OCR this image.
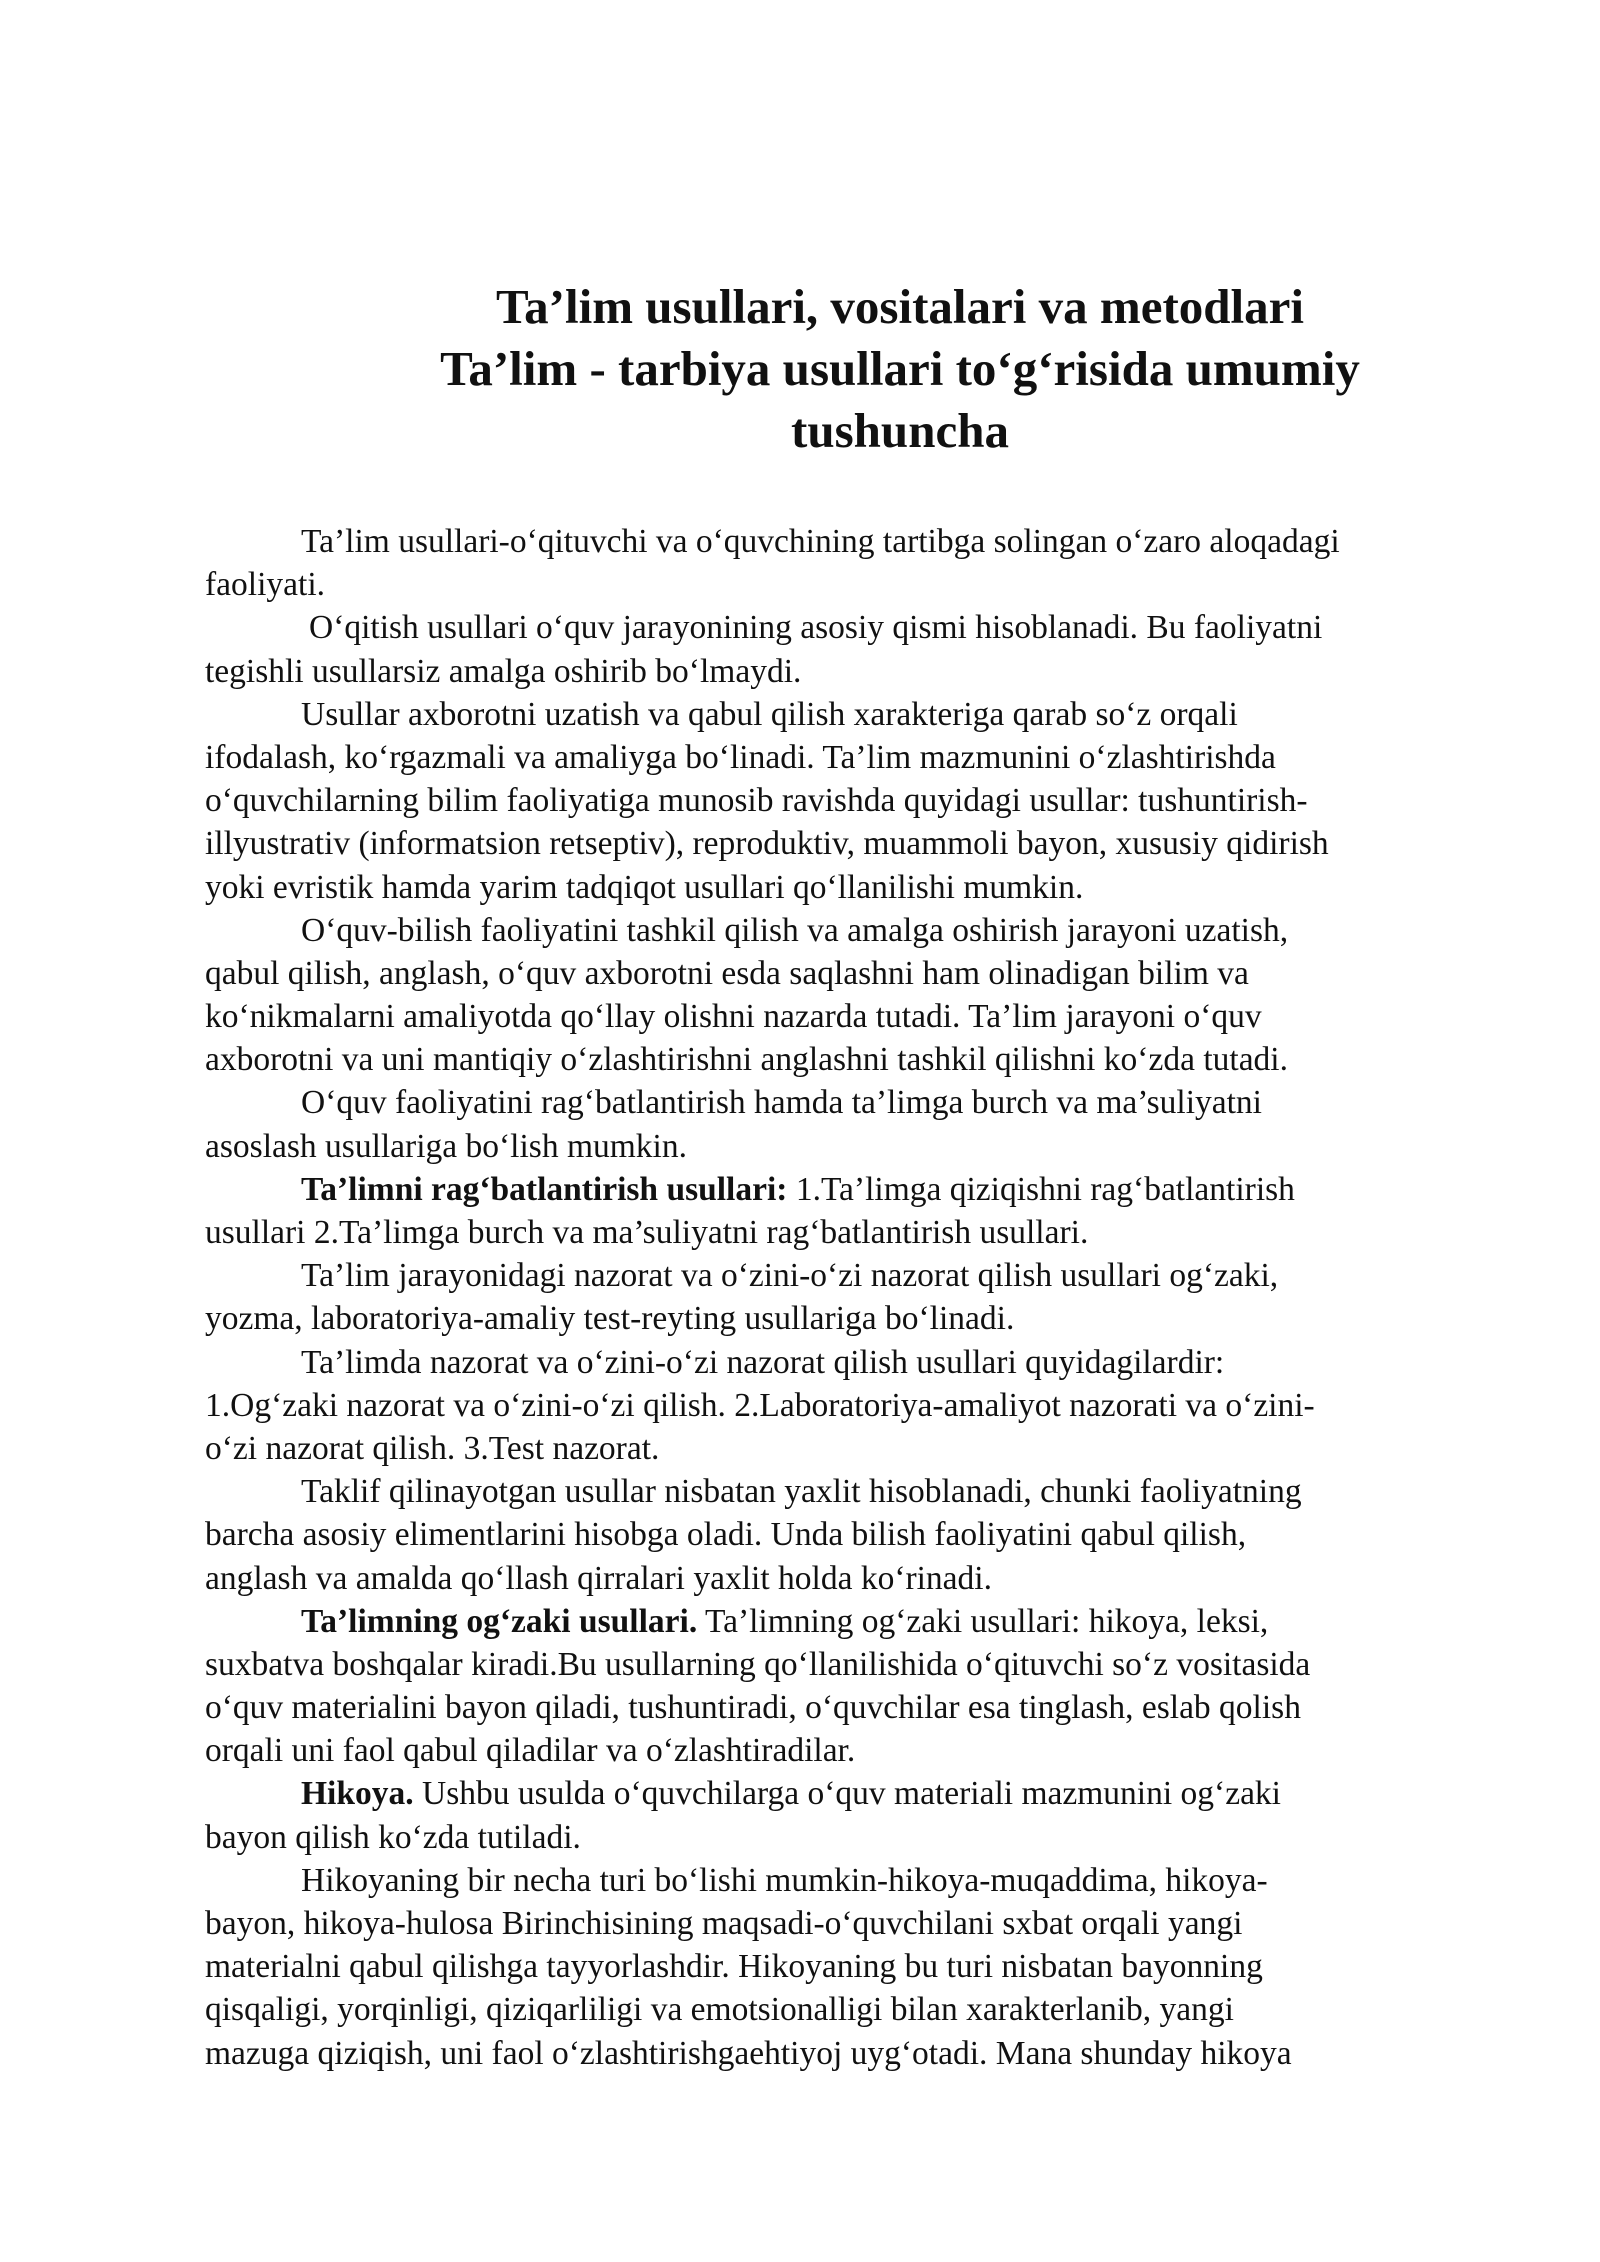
Ta’lim usullari, vositalari va metodlari
Ta’lim - tarbiya usullari to‘g‘risida umumiy
tushuncha
Ta’lim usullari-o‘qituvchi va o‘quvchining tartibga solingan o‘zaro aloqadagi
faoliyati.
O‘qitish usullari o‘quv jarayonining asosiy qismi hisoblanadi. Bu faoliyatni
tegishli usullarsiz amalga oshirib bo‘lmaydi.
Usullar axborotni uzatish va qabul qilish xarakteriga qarab so‘z orqali
ifodalash, ko‘rgazmali va amaliyga bo‘linadi. Ta’lim mazmunini o‘zlashtirishda
o‘quvchilarning bilim faoliyatiga munosib ravishda quyidagi usullar: tushuntirish-
illyustrativ (informatsion retseptiv), reproduktiv, muammoli bayon, xususiy qidirish
yoki evristik hamda yarim tadqiqot usullari qo‘llanilishi mumkin.
O‘quv-bilish faoliyatini tashkil qilish va amalga oshirish jarayoni uzatish,
qabul qilish, anglash, o‘quv axborotni esda saqlashni ham olinadigan bilim va
ko‘nikmalarni amaliyotda qo‘llay olishni nazarda tutadi. Ta’lim jarayoni o‘quv
axborotni va uni mantiqiy o‘zlashtirishni anglashni tashkil qilishni ko‘zda tutadi.
O‘quv faoliyatini rag‘batlantirish hamda ta’limga burch va ma’suliyatni
asoslash usullariga bo‘lish mumkin.
Ta’limni rag‘batlantirish usullari: 1.Ta’limga qiziqishni rag‘batlantirish
usullari 2.Ta’limga burch va ma’suliyatni rag‘batlantirish usullari.
Ta’lim jarayonidagi nazorat va o‘zini-o‘zi nazorat qilish usullari og‘zaki,
yozma, laboratoriya-amaliy test-reyting usullariga bo‘linadi.
Ta’limda nazorat va o‘zini-o‘zi nazorat qilish usullari quyidagilardir:
1.Og‘zaki nazorat va o‘zini-o‘zi qilish. 2.Laboratoriya-amaliyot nazorati va o‘zini-
o‘zi nazorat qilish. 3.Test nazorat.
Taklif qilinayotgan usullar nisbatan yaxlit hisoblanadi, chunki faoliyatning
barcha asosiy elimentlarini hisobga oladi. Unda bilish faoliyatini qabul qilish,
anglash va amalda qo‘llash qirralari yaxlit holda ko‘rinadi.
Ta’limning og‘zaki usullari. Ta’limning og‘zaki usullari: hikoya, leksi,
suxbatva boshqalar kiradi.Bu usullarning qo‘llanilishida o‘qituvchi so‘z vositasida
o‘quv materialini bayon qiladi, tushuntiradi, o‘quvchilar esa tinglash, eslab qolish
orqali uni faol qabul qiladilar va o‘zlashtiradilar.
Hikoya. Ushbu usulda o‘quvchilarga o‘quv materiali mazmunini og‘zaki
bayon qilish ko‘zda tutiladi.
Hikoyaning bir necha turi bo‘lishi mumkin-hikoya-muqaddima, hikoya-
bayon, hikoya-hulosa Birinchisining maqsadi-o‘quvchilani sxbat orqali yangi
materialni qabul qilishga tayyorlashdir. Hikoyaning bu turi nisbatan bayonning
qisqaligi, yorqinligi, qiziqarliligi va emotsionalligi bilan xarakterlanib, yangi
mazuga qiziqish, uni faol o‘zlashtirishgaehtiyoj uyg‘otadi. Mana shunday hikoya
